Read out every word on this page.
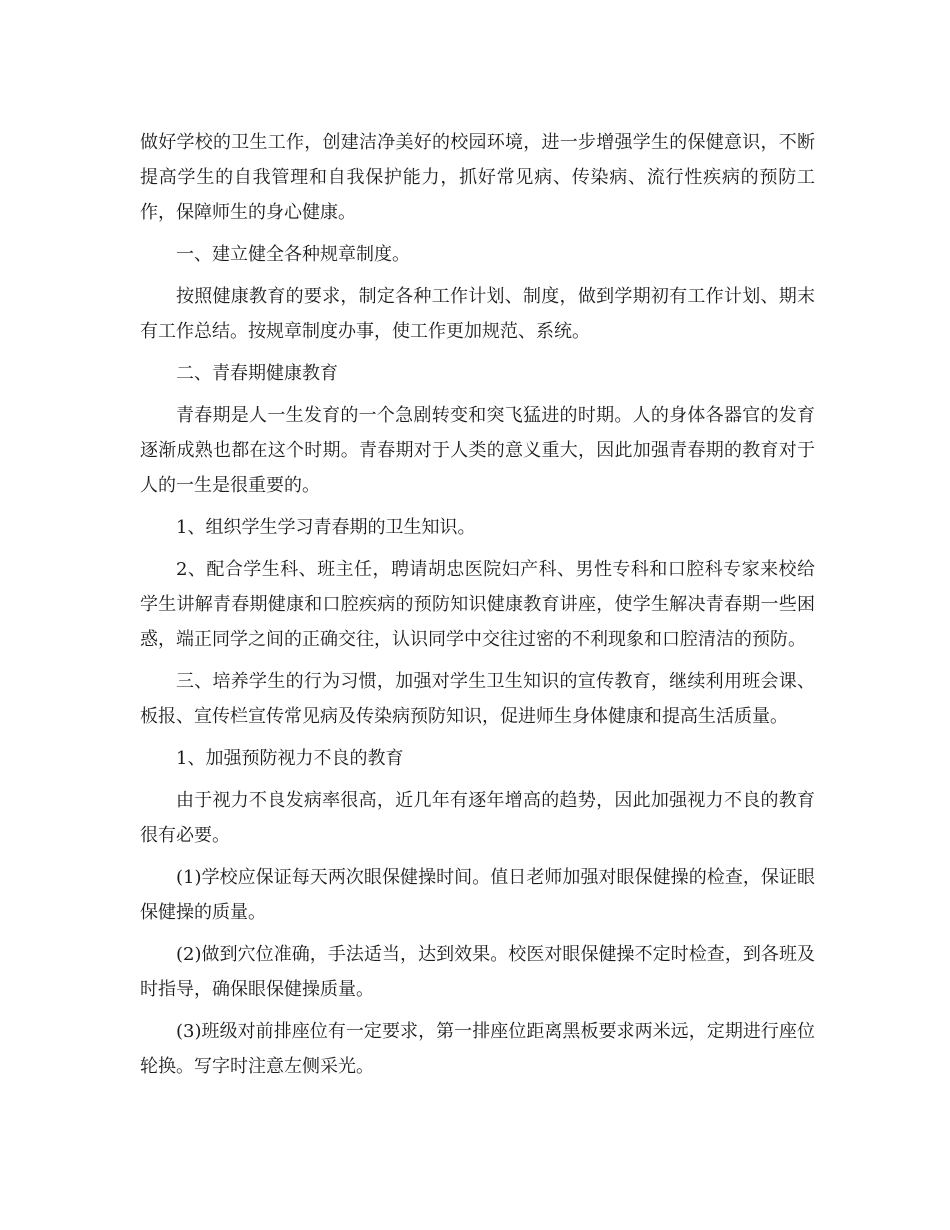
做好学校的卫生工作，创建洁净美好的校园环境，进一步增强学生的保健意识，不断提高学生的自我管理和自我保护能力，抓好常见病、传染病、流行性疾病的预防工作，保障师生的身心健康。

一、建立健全各种规章制度。

按照健康教育的要求，制定各种工作计划、制度，做到学期初有工作计划、期末有工作总结。按规章制度办事，使工作更加规范、系统。

二、青春期健康教育

青春期是人一生发育的一个急剧转变和突飞猛进的时期。人的身体各器官的发育逐渐成熟也都在这个时期。青春期对于人类的意义重大，因此加强青春期的教育对于人的一生是很重要的。

1、组织学生学习青春期的卫生知识。

2、配合学生科、班主任，聘请胡忠医院妇产科、男性专科和口腔科专家来校给学生讲解青春期健康和口腔疾病的预防知识健康教育讲座，使学生解决青春期一些困惑，端正同学之间的正确交往，认识同学中交往过密的不利现象和口腔清洁的预防。

三、培养学生的行为习惯，加强对学生卫生知识的宣传教育，继续利用班会课、板报、宣传栏宣传常见病及传染病预防知识，促进师生身体健康和提高生活质量。

1、加强预防视力不良的教育

由于视力不良发病率很高，近几年有逐年增高的趋势，因此加强视力不良的教育很有必要。

(1)学校应保证每天两次眼保健操时间。值日老师加强对眼保健操的检查，保证眼保健操的质量。

(2)做到穴位准确，手法适当，达到效果。校医对眼保健操不定时检查，到各班及时指导，确保眼保健操质量。

(3)班级对前排座位有一定要求，第一排座位距离黑板要求两米远，定期进行座位轮换。写字时注意左侧采光。
